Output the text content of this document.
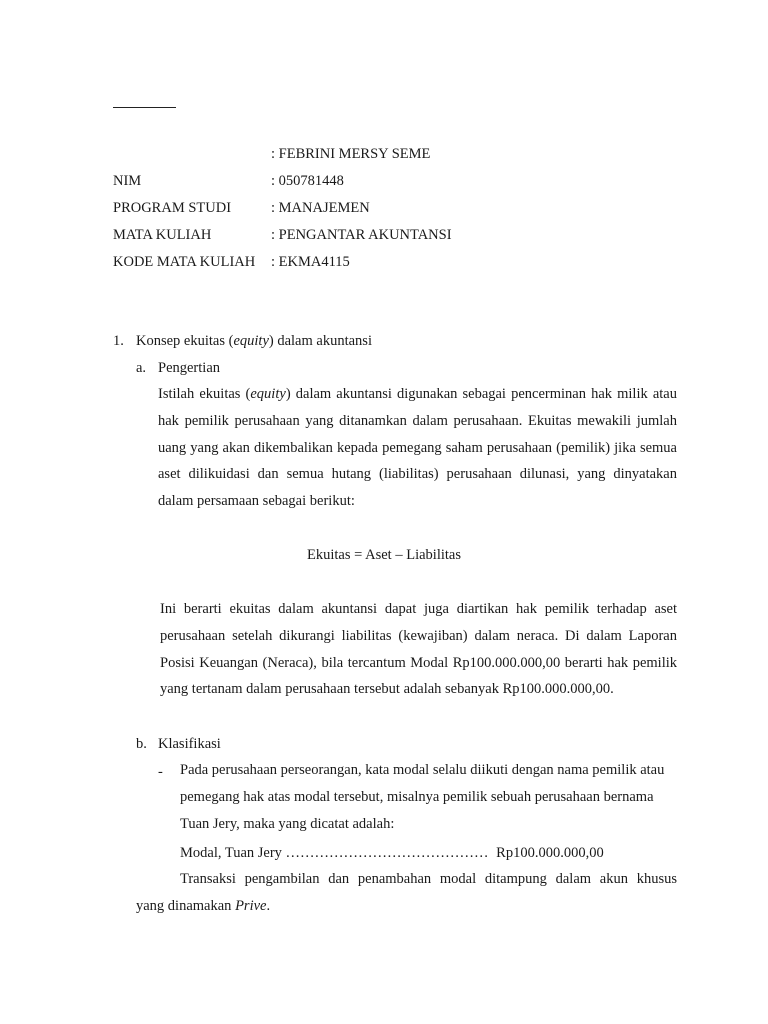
: FEBRINI MERSY SEME
NIM	: 050781448
PROGRAM STUDI	: MANAJEMEN
MATA KULIAH	: PENGANTAR AKUNTANSI
KODE MATA KULIAH : EKMA4115
1. Konsep ekuitas (equity) dalam akuntansi
a. Pengertian
Istilah ekuitas (equity) dalam akuntansi digunakan sebagai pencerminan hak milik atau hak pemilik perusahaan yang ditanamkan dalam perusahaan. Ekuitas mewakili jumlah uang yang akan dikembalikan kepada pemegang saham perusahaan (pemilik) jika semua aset dilikuidasi dan semua hutang (liabilitas) perusahaan dilunasi, yang dinyatakan dalam persamaan sebagai berikut:
Ekuitas = Aset – Liabilitas
Ini berarti ekuitas dalam akuntansi dapat juga diartikan hak pemilik terhadap aset perusahaan setelah dikurangi liabilitas (kewajiban) dalam neraca. Di dalam Laporan Posisi Keuangan (Neraca), bila tercantum Modal Rp100.000.000,00 berarti hak pemilik yang tertanam dalam perusahaan tersebut adalah sebanyak Rp100.000.000,00.
b. Klasifikasi
- Pada perusahaan perseorangan, kata modal selalu diikuti dengan nama pemilik atau pemegang hak atas modal tersebut, misalnya pemilik sebuah perusahaan bernama Tuan Jery, maka yang dicatat adalah:
Modal, Tuan Jery …………………………………… Rp100.000.000,00
Transaksi pengambilan dan penambahan modal ditampung dalam akun khusus
yang dinamakan Prive.
